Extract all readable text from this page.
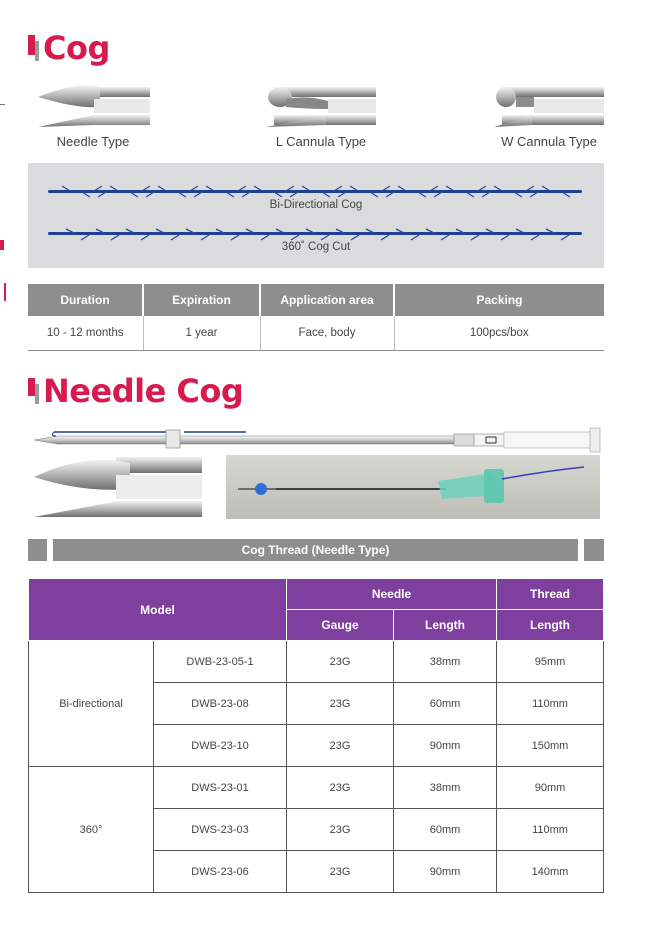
Cog
Needle Type	L Cannula Type	W Cannula Type
Bi-Directional Cog
360˚ Cog Cut
Duration	Expiration	Application area	Packing
10 - 12 months	1 year	Face, body	100pcs/box
Needle Cog
Cog Thread (Needle Type)
Model		Needle		Thread
		Gauge	Length	Length
Bi-directional	DWB-23-05-1	23G	38mm	95mm
	DWB-23-08	23G	60mm	110mm
	DWB-23-10	23G	90mm	150mm
360°	DWS-23-01	23G	38mm	90mm
	DWS-23-03	23G	60mm	110mm
	DWS-23-06	23G	90mm	140mm
